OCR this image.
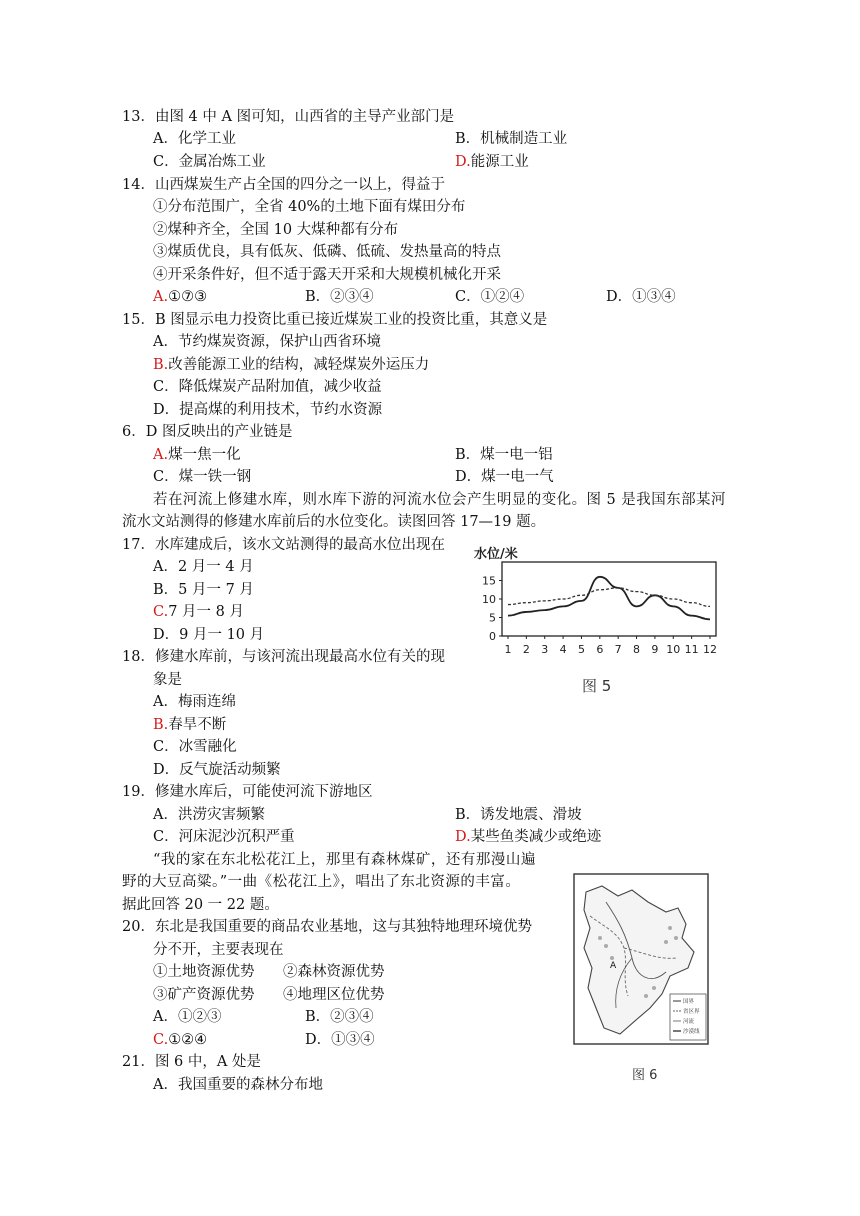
13．由图 4 中 A 图可知，山西省的主导产业部门是
A．化学工业	B．机械制造工业
C．金属冶炼工业	D.能源工业
14．山西煤炭生产占全国的四分之一以上，得益于
①分布范围广，全省 40%的土地下面有煤田分布
②煤种齐全，全国 10 大煤种都有分布
③煤质优良，具有低灰、低磷、低硫、发热量高的特点
④开采条件好，但不适于露天开采和大规模机械化开采
A.①⑦③	B．②③④	C．①②④	D．①③④
15．B 图显示电力投资比重已接近煤炭工业的投资比重，其意义是
A．节约煤炭资源，保护山西省环境
B.改善能源工业的结构，减轻煤炭外运压力
C．降低煤炭产品附加值，减少收益
D．提高煤的利用技术，节约水资源
6．D 图反映出的产业链是
A.煤一焦一化	B．煤一电一铝
C．煤一铁一钢	D．煤一电一气
若在河流上修建水库，则水库下游的河流水位会产生明显的变化。图 5 是我国东部某河
流水文站测得的修建水库前后的水位变化。读图回答 17—19 题。
17．水库建成后，该水文站测得的最高水位出现在
A．2 月一 4 月
B．5 月一 7 月
C.7 月一 8 月
D．9 月一 10 月
18．修建水库前，与该河流出现最高水位有关的现
象是
A．梅雨连绵
B.春旱不断
C．冰雪融化
D．反气旋活动频繁
19．修建水库后，可能使河流下游地区
A．洪涝灾害频繁	B．诱发地震、滑坡
C．河床泥沙沉积严重	D.某些鱼类减少或绝迹
“我的家在东北松花江上，那里有森林煤矿，还有那漫山遍
野的大豆高粱。”一曲《松花江上》，唱出了东北资源的丰富。
据此回答 20 一 22 题。
20．东北是我国重要的商品农业基地，这与其独特地理环境优势
分不开，主要表现在
①土地资源优势 ②森林资源优势
③矿产资源优势 ④地理区位优势
A．①②③	B．②③④
C.①②④	D．①③④
21．图 6 中，A 处是
A．我国重要的森林分布地
水位/米
0
5
10
15
1 2 3 4 5 6 7 8 9 10 11 12
图 5
A
国界
省区界
河流
沙漠线
图 6
